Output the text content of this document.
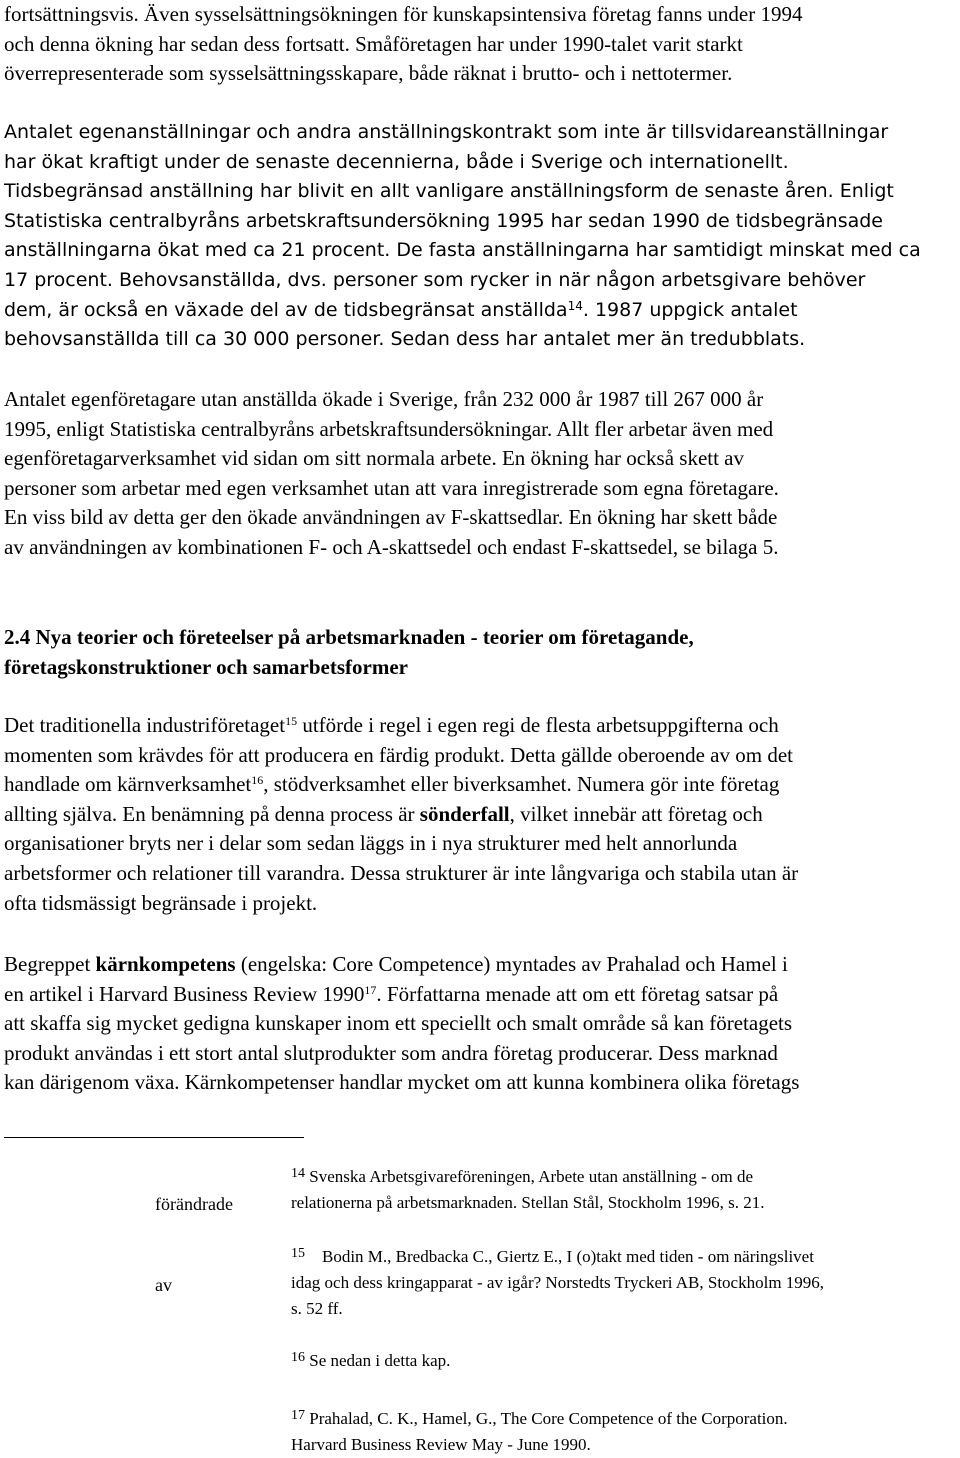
fortsättningsvis. Även sysselsättningsökningen för kunskapsintensiva företag fanns under 1994
och denna ökning har sedan dess fortsatt. Småföretagen har under 1990-talet varit starkt
överrepresenterade som sysselsättningsskapare, både räknat i brutto- och i nettotermer.
Antalet egenanställningar och andra anställningskontrakt som inte är tillsvidareanställningar
har ökat kraftigt under de senaste decennierna, både i Sverige och internationellt.
Tidsbegränsad anställning har blivit en allt vanligare anställningsform de senaste åren. Enligt
Statistiska centralbyråns arbetskraftsundersökning 1995 har sedan 1990 de tidsbegränsade
anställningarna ökat med ca 21 procent. De fasta anställningarna har samtidigt minskat med ca
17 procent. Behovsanställda, dvs. personer som rycker in när någon arbetsgivare behöver
dem, är också en växade del av de tidsbegränsat anställda$^{14}$. 1987 uppgick antalet
behovsanställda till ca 30 000 personer. Sedan dess har antalet mer än tredubblats.
Antalet egenföretagare utan anställda ökade i Sverige, från 232 000 år 1987 till 267 000 år
1995, enligt Statistiska centralbyråns arbetskraftsundersökningar. Allt fler arbetar även med
egenföretagarverksamhet vid sidan om sitt normala arbete. En ökning har också skett av
personer som arbetar med egen verksamhet utan att vara inregistrerade som egna företagare.
En viss bild av detta ger den ökade användningen av F-skattsedlar. En ökning har skett både
av användningen av kombinationen F- och A-skattsedel och endast F-skattsedel, se bilaga 5.
2.4 Nya teorier och företeelser på arbetsmarknaden - teorier om företagande,
företagskonstruktioner och samarbetsformer
Det traditionella industriföretaget$^{15}$ utförde i regel i egen regi de flesta arbetsuppgifterna och
momenten som krävdes för att producera en färdig produkt. Detta gällde oberoende av om det
handlade om kärnverksamhet$^{16}$, stödverksamhet eller biverksamhet. Numera gör inte företag
allting själva. En benämning på denna process är sönderfall, vilket innebär att företag och
organisationer bryts ner i delar som sedan läggs in i nya strukturer med helt annorlunda
arbetsformer och relationer till varandra. Dessa strukturer är inte långvariga och stabila utan är
ofta tidsmässigt begränsade i projekt.
Begreppet kärnkompetens (engelska: Core Competence) myntades av Prahalad och Hamel i
en artikel i Harvard Business Review 1990$^{17}$. Författarna menade att om ett företag satsar på
att skaffa sig mycket gedigna kunskaper inom ett speciellt och smalt område så kan företagets
produkt användas i ett stort antal slutprodukter som andra företag producerar. Dess marknad
kan därigenom växa. Kärnkompetenser handlar mycket om att kunna kombinera olika företags
förändrade
av
$^{14}$ Svenska Arbetsgivareföreningen, Arbete utan anställning - om de
relationerna på arbetsmarknaden. Stellan Stål, Stockholm 1996, s. 21.
$^{15}$    Bodin M., Bredbacka C., Giertz E., I (o)takt med tiden - om näringslivet
idag och dess kringapparat - av igår? Norstedts Tryckeri AB, Stockholm 1996,
s. 52 ff.
$^{16}$ Se nedan i detta kap.
$^{17}$ Prahalad, C. K., Hamel, G., The Core Competence of the Corporation.
Harvard Business Review May - June 1990.
